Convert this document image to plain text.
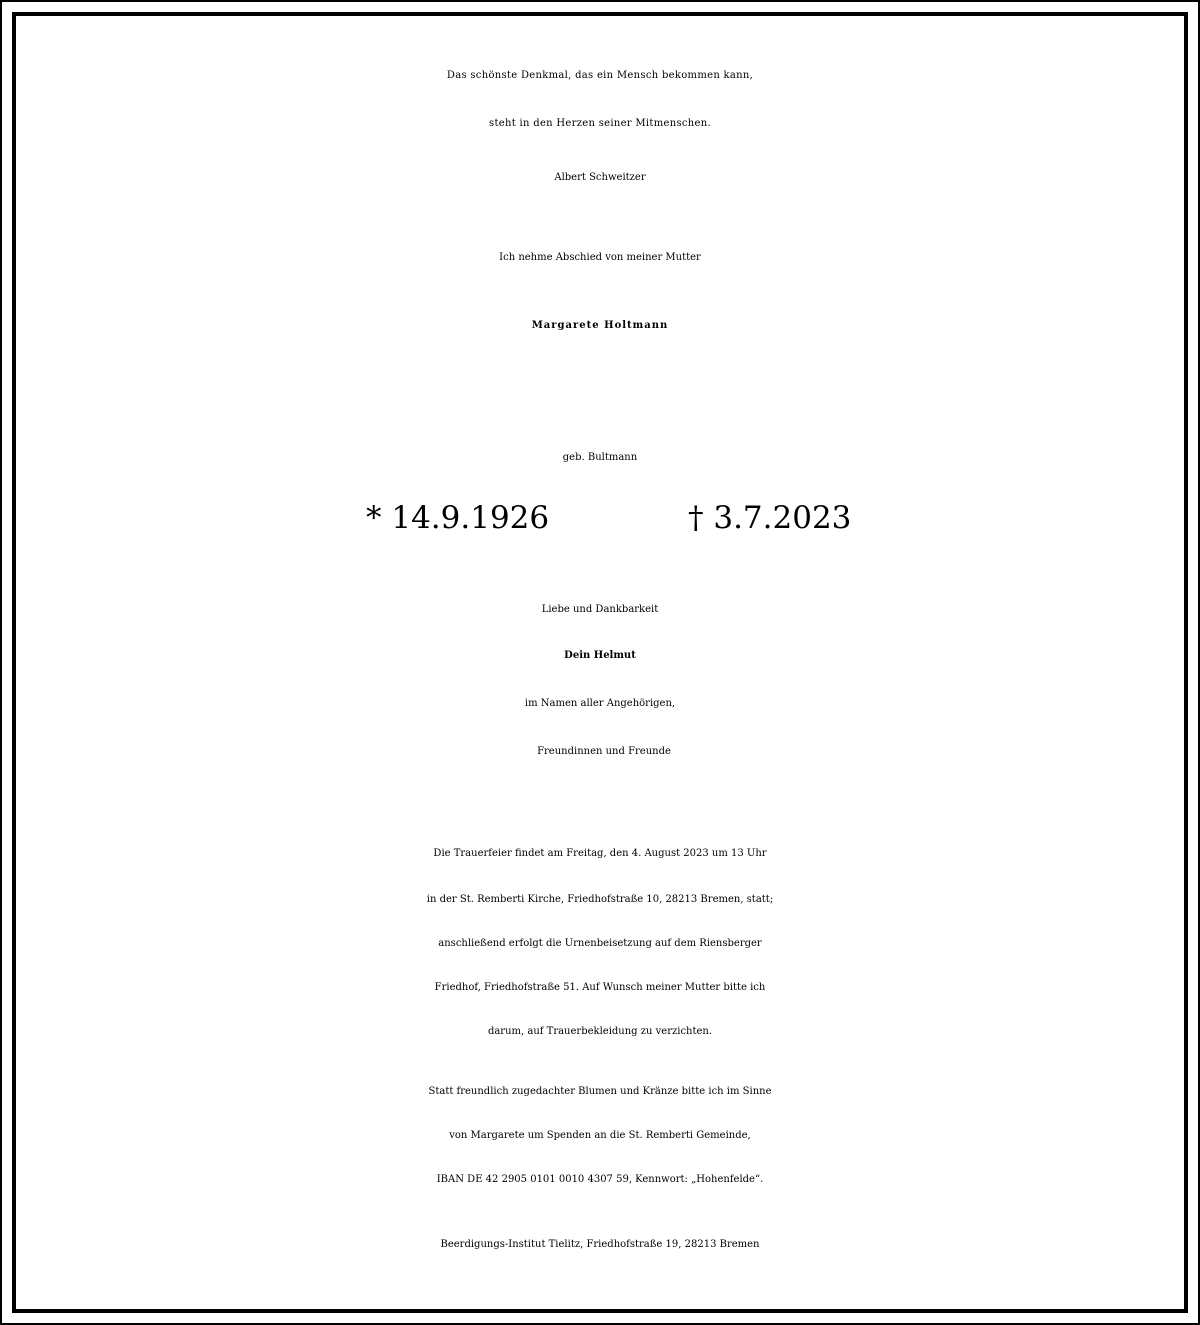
Das schönste Denkmal, das ein Mensch bekommen kann,

steht in den Herzen seiner Mitmenschen.

Albert Schweitzer

Ich nehme Abschied von meiner Mutter

Margarete Holtmann

geb. Bultmann

* 14.9.1926	† 3.7.2023

Liebe und Dankbarkeit

Dein Helmut

im Namen aller Angehörigen,

Freundinnen und Freunde

Die Trauerfeier findet am Freitag, den 4. August 2023 um 13 Uhr

in der St. Remberti Kirche, Friedhofstraße 10, 28213 Bremen, statt;

anschließend erfolgt die Urnenbeisetzung auf dem Riensberger

Friedhof, Friedhofstraße 51. Auf Wunsch meiner Mutter bitte ich

darum, auf Trauerbekleidung zu verzichten.

Statt freundlich zugedachter Blumen und Kränze bitte ich im Sinne

von Margarete um Spenden an die St. Remberti Gemeinde,

IBAN DE 42 2905 0101 0010 4307 59, Kennwort: „Hohenfelde“.

Beerdigungs-Institut Tielitz, Friedhofstraße 19, 28213 Bremen
